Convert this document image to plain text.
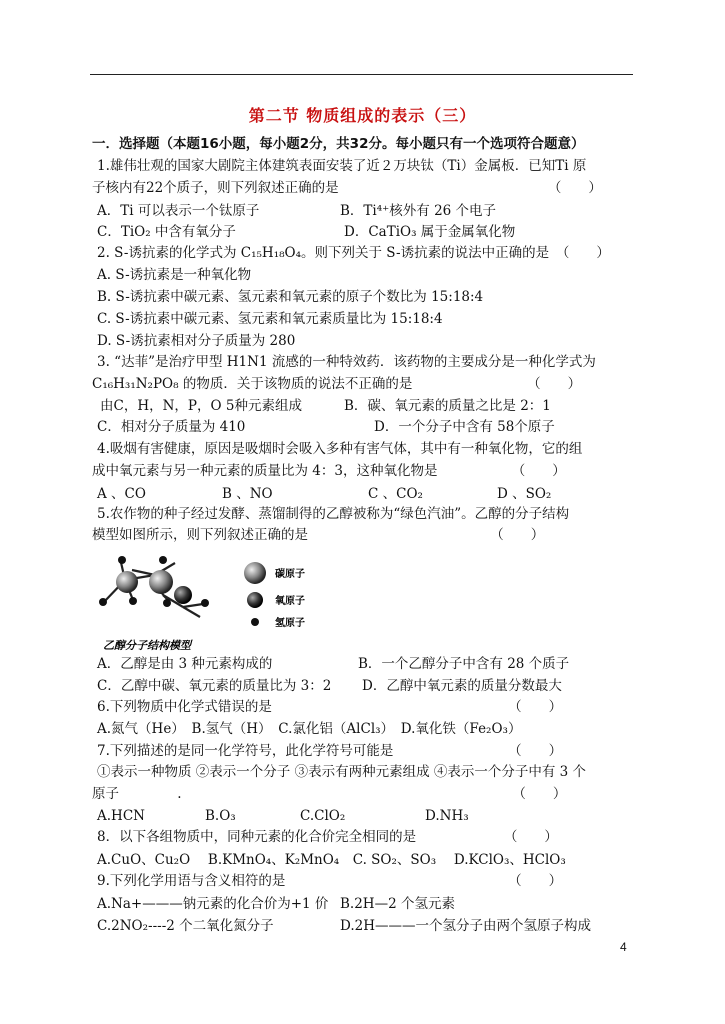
第二节 物质组成的表示（三）
一．选择题（本题16小题，每小题2分，共32分。每小题只有一个选项符合题意）
1.雄伟壮观的国家大剧院主体建筑表面安装了近２万块钛（Ti）金属板．已知Ti 原
子核内有22个质子，则下列叙述正确的是　　　　　　　　　　　　　　　　（　　）
A．Ti 可以表示一个钛原子	B．Ti⁴⁺核外有 26 个电子
C．TiO₂ 中含有氧分子	D．CaTiO₃ 属于金属氧化物
2. S-诱抗素的化学式为 C₁₅H₁₈O₄。则下列关于 S-诱抗素的说法中正确的是　（　　）
A. S-诱抗素是一种氧化物
B. S-诱抗素中碳元素、氢元素和氧元素的原子个数比为 15:18:4
C. S-诱抗素中碳元素、氢元素和氧元素质量比为 15:18:4
D. S-诱抗素相对分子质量为 280
3. “达菲”是治疗甲型 H1N1 流感的一种特效药．该药物的主要成分是一种化学式为
C₁₆H₃₁N₂PO₈ 的物质．关于该物质的说法不正确的是　　　　　　　　　（　　）
由C，H，N，P，O 5种元素组成	B．碳、氧元素的质量之比是 2：1
C．相对分子质量为 410	D．一个分子中含有 58个原子
4.吸烟有害健康，原因是吸烟时会吸入多种有害气体，其中有一种氧化物，它的组
成中氧元素与另一种元素的质量比为 4：3，这种氧化物是　　　　　　（　　）
A 、CO	B 、NO	C 、CO₂	D 、SO₂
5.农作物的种子经过发酵、蒸馏制得的乙醇被称为“绿色汽油”。乙醇的分子结构
模型如图所示，则下列叙述正确的是　　　　　　　　　　　　　　（　　）
碳原子
氧原子
氢原子
乙醇分子结构模型
A．乙醇是由 3 种元素构成的	B．一个乙醇分子中含有 28 个质子
C．乙醇中碳、氧元素的质量比为 3：2 D．乙醇中氧元素的质量分数最大
6.下列物质中化学式错误的是　　　　　　　　　　　　　　　　　　（　　）
A.氮气（He）　B.氢气（H）　C.氯化铝（AlCl₃）　D.氧化铁（Fe₂O₃）
7.下列描述的是同一化学符号，此化学符号可能是　　　　　　　　　（　　）
①表示一种物质 ②表示一个分子 ③表示有两种元素组成 ④表示一个分子中有 3 个
原子　　　　 .　　　　　　　　　　　　　　　　　　　　　　　　　（　　）
A.HCN	B.O₃	C.ClO₂	D.NH₃
8．以下各组物质中，同种元素的化合价完全相同的是　　　　　　　（　　）
A.CuO、Cu₂O　 B.KMnO₄、K₂MnO₄　C. SO₂、SO₃　 D.KClO₃、HClO₃
9.下列化学用语与含义相符的是　　　　　　　　　　　　　　　　　（　　）
A.Na+———钠元素的化合价为+1 价 B.2H—2 个氢元素
C.2NO₂----2 个二氧化氮分子	D.2H———一个氢分子由两个氢原子构成
4
